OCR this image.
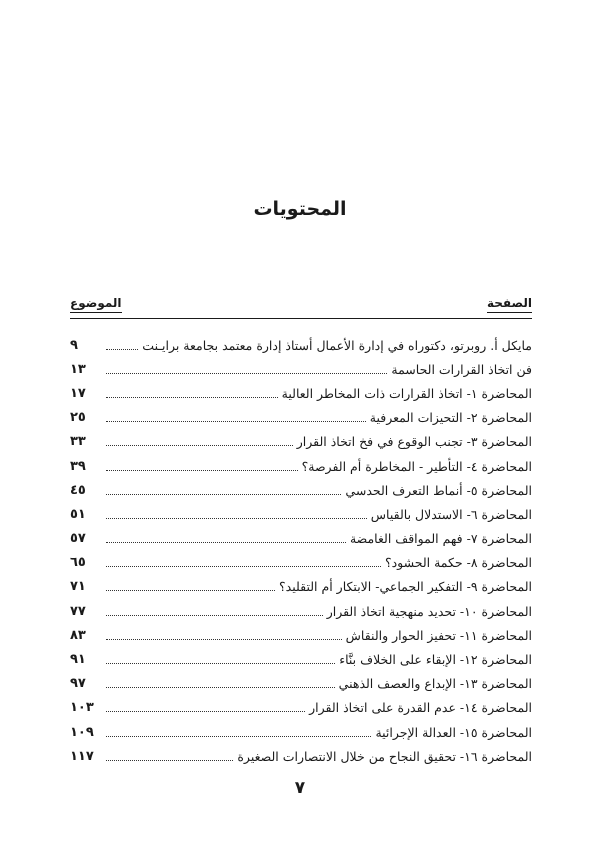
المحتويات
الموضوع	الصفحة
مايكل أ. روبرتو، دكتوراه في إدارة الأعمال أستاذ إدارة معتمد بجامعة برايـنت
٩
فن اتخاذ القرارات الحاسمة
١٣
المحاضرة ١- اتخاذ القرارات ذات المخاطر العالية
١٧
المحاضرة ٢- التحيزات المعرفية
٢٥
المحاضرة ٣- تجنب الوقوع في فخ اتخاذ القرار
٣٣
المحاضرة ٤- التأطير - المخاطرة أم الفرصة؟
٣٩
المحاضرة ٥- أنماط التعرف الحدسي
٤٥
المحاضرة ٦- الاستدلال بالقياس
٥١
المحاضرة ٧- فهم المواقف الغامضة
٥٧
المحاضرة ٨- حكمة الحشود؟
٦٥
المحاضرة ٩- التفكير الجماعي- الابتكار أم التقليد؟
٧١
المحاضرة ١٠- تحديد منهجية اتخاذ القرار
٧٧
المحاضرة ١١- تحفيز الحوار والنقاش
٨٣
المحاضرة ١٢- الإبقاء على الخلاف بنَّاء
٩١
المحاضرة ١٣- الإبداع والعصف الذهني
٩٧
المحاضرة ١٤- عدم القدرة على اتخاذ القرار
١٠٣
المحاضرة ١٥- العدالة الإجرائية
١٠٩
المحاضرة ١٦- تحقيق النجاح من خلال الانتصارات الصغيرة
١١٧
٧
